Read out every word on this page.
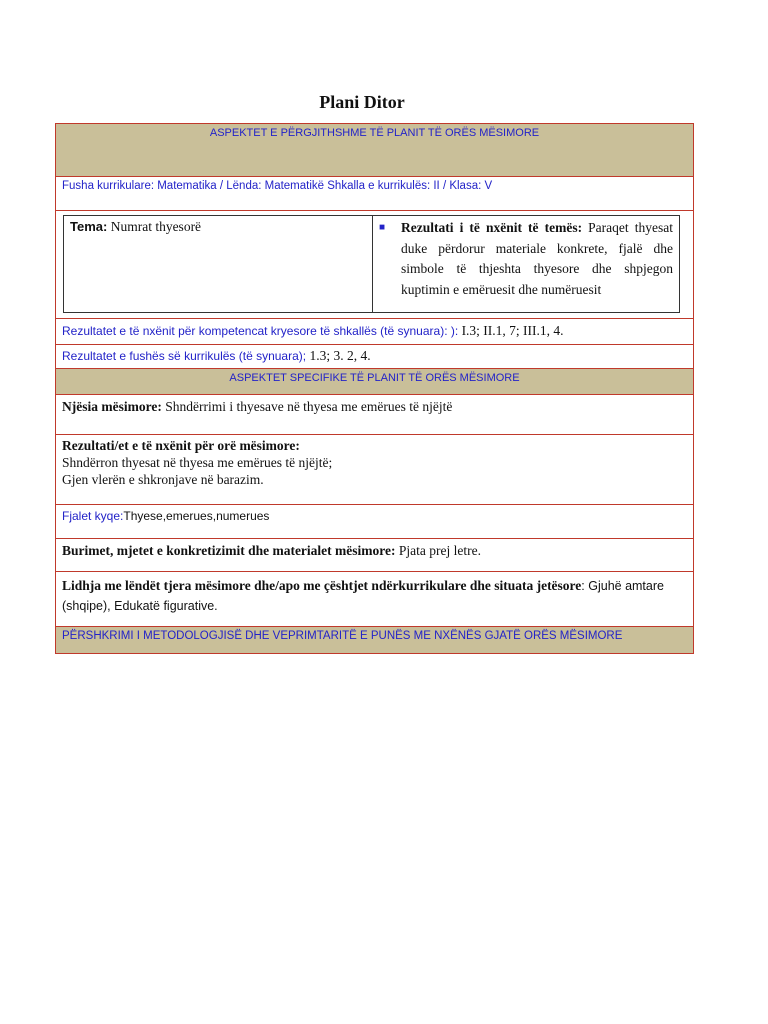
Plani Ditor
ASPEKTET E PËRGJITHSHME TË PLANIT TË ORËS MËSIMORE
Fusha kurrikulare: Matematika / Lënda: Matematikë Shkalla e kurrikulës: II / Klasa: V
Tema: Numrat thyesorë	■	Rezultati i të nxënit të temës: Paraqet thyesat duke përdorur materiale konkrete, fjalë dhe simbole të thjeshta thyesore dhe shpjegon kuptimin e emëruesit dhe numëruesit

Rezultatet e të nxënit për kompetencat kryesore të shkallës (të synuara): ): I.3; II.1, 7; III.1, 4.
Rezultatet e fushës së kurrikulës (të synuara); 1.3; 3. 2, 4.
ASPEKTET SPECIFIKE TË PLANIT TË ORËS MËSIMORE
Njësia mësimore: Shndërrimi i thyesave në thyesa me emërues të njëjtë
Rezultati/et e të nxënit për orë mësimore:
Shndërron thyesat në thyesa me emërues të njëjtë;
Gjen vlerën e shkronjave në barazim.
Fjalet kyqe:Thyese,emerues,numerues
Burimet, mjetet e konkretizimit dhe materialet mësimore: Pjata prej letre.
Lidhja me lëndët tjera mësimore dhe/apo me çështjet ndërkurrikulare dhe situata jetësore: Gjuhë amtare (shqipe), Edukatë figurative.
PËRSHKRIMI I METODOLOGJISË DHE VEPRIMTARITË E PUNËS ME NXËNËS GJATË ORËS MËSIMORE
